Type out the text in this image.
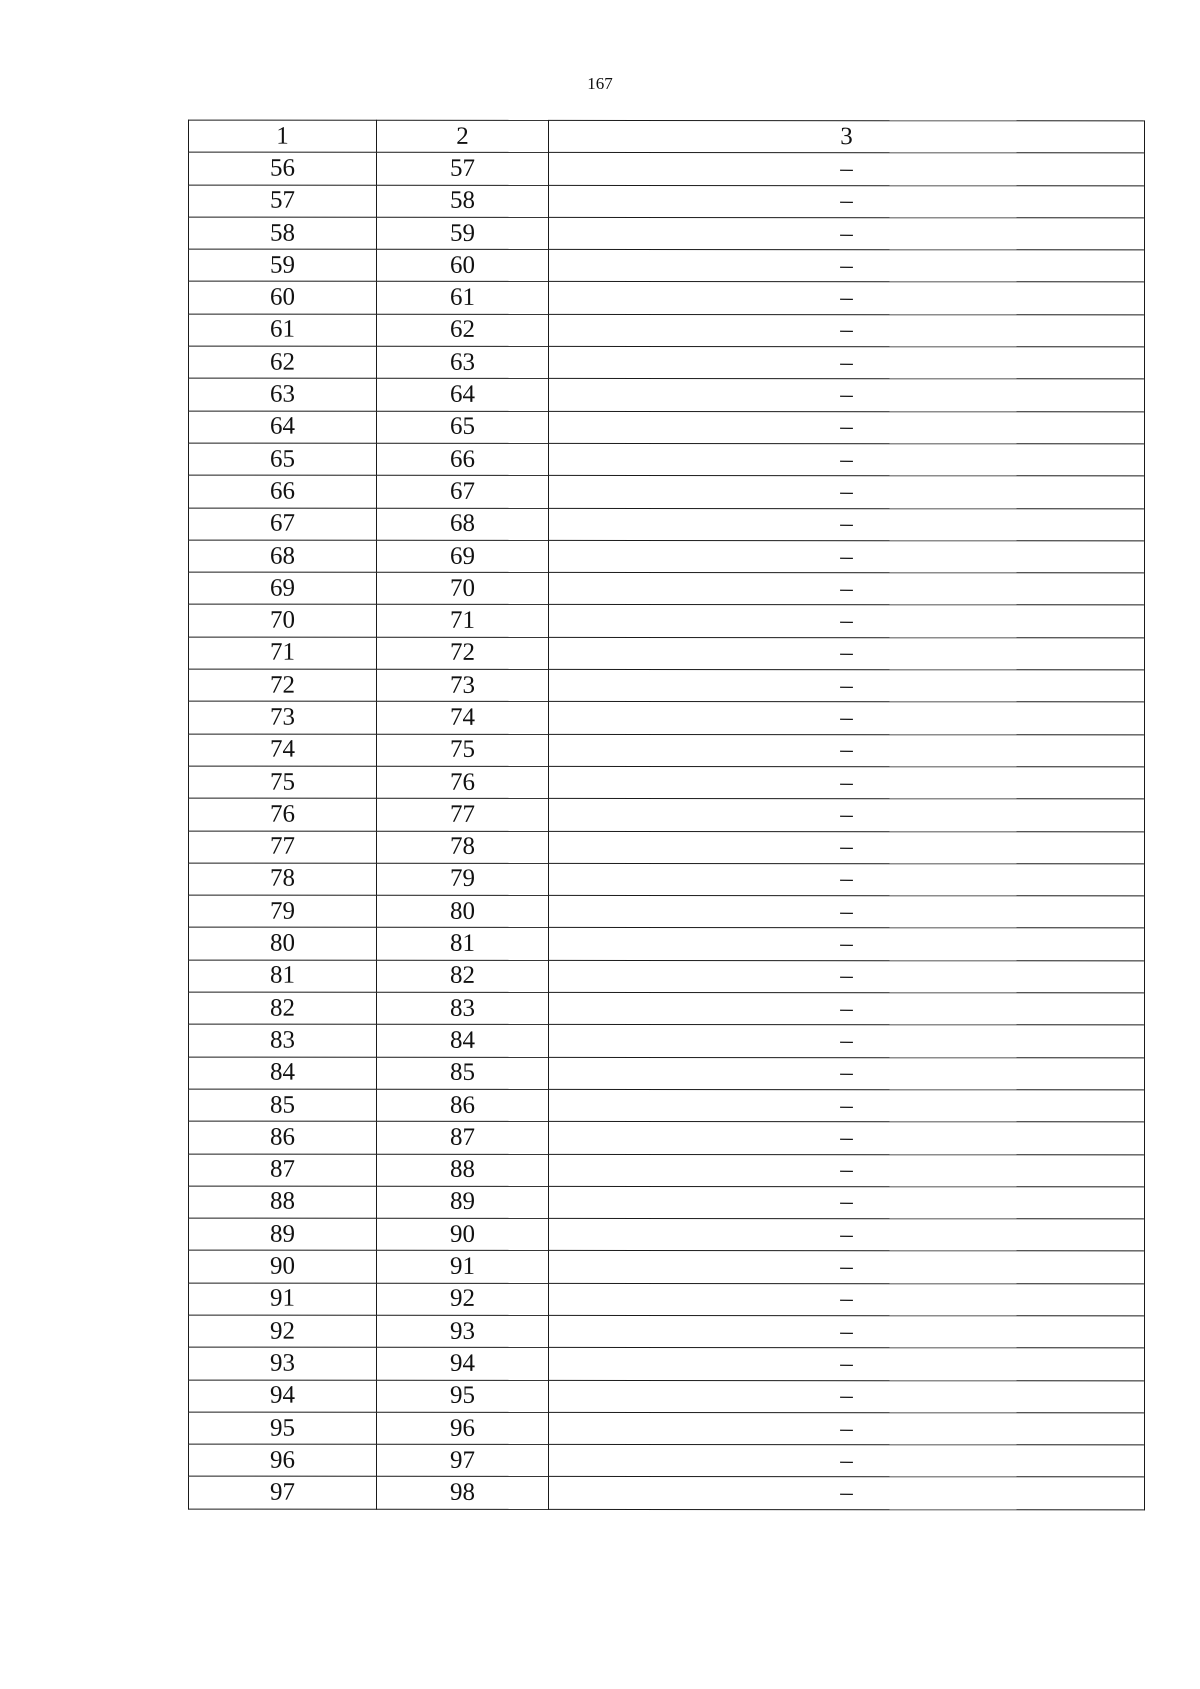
167
1	2	3
56	57	–
57	58	–
58	59	–
59	60	–
60	61	–
61	62	–
62	63	–
63	64	–
64	65	–
65	66	–
66	67	–
67	68	–
68	69	–
69	70	–
70	71	–
71	72	–
72	73	–
73	74	–
74	75	–
75	76	–
76	77	–
77	78	–
78	79	–
79	80	–
80	81	–
81	82	–
82	83	–
83	84	–
84	85	–
85	86	–
86	87	–
87	88	–
88	89	–
89	90	–
90	91	–
91	92	–
92	93	–
93	94	–
94	95	–
95	96	–
96	97	–
97	98	–
